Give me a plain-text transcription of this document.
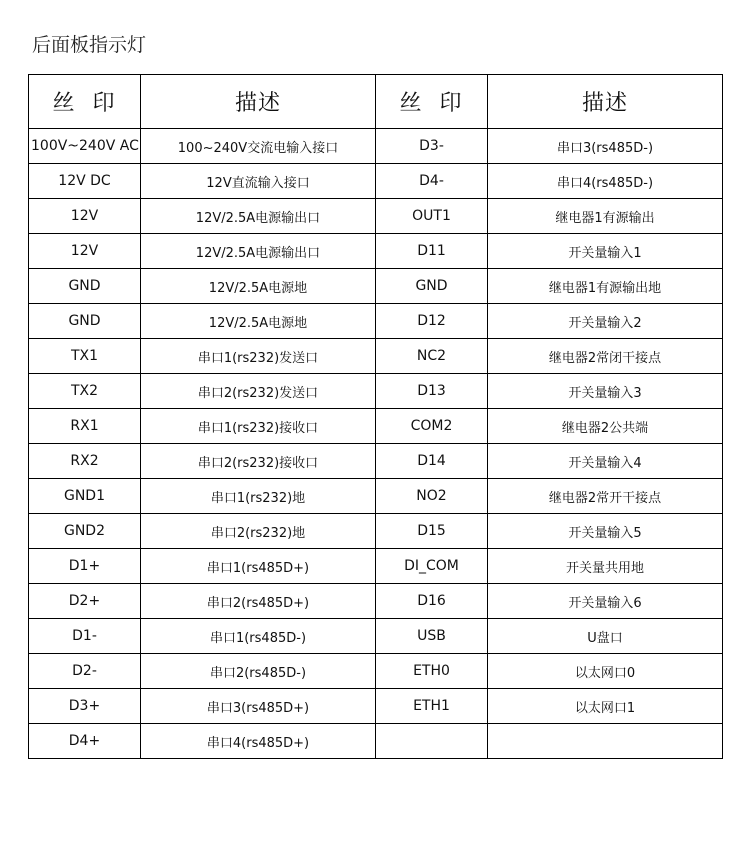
后面板指示灯
丝印	描述	丝印	描述
100V~240V AC	100~240V交流电输入接口	D3-	串口3(rs485D-)
12V DC	12V直流输入接口	D4-	串口4(rs485D-)
12V	12V/2.5A电源输出口	OUT1	继电器1有源输出
12V	12V/2.5A电源输出口	D11	开关量输入1
GND	12V/2.5A电源地	GND	继电器1有源输出地
GND	12V/2.5A电源地	D12	开关量输入2
TX1	串口1(rs232)发送口	NC2	继电器2常闭干接点
TX2	串口2(rs232)发送口	D13	开关量输入3
RX1	串口1(rs232)接收口	COM2	继电器2公共端
RX2	串口2(rs232)接收口	D14	开关量输入4
GND1	串口1(rs232)地	NO2	继电器2常开干接点
GND2	串口2(rs232)地	D15	开关量输入5
D1+	串口1(rs485D+)	DI_COM	开关量共用地
D2+	串口2(rs485D+)	D16	开关量输入6
D1-	串口1(rs485D-)	USB	U盘口
D2-	串口2(rs485D-)	ETH0	以太网口0
D3+	串口3(rs485D+)	ETH1	以太网口1
D4+	串口4(rs485D+)		
